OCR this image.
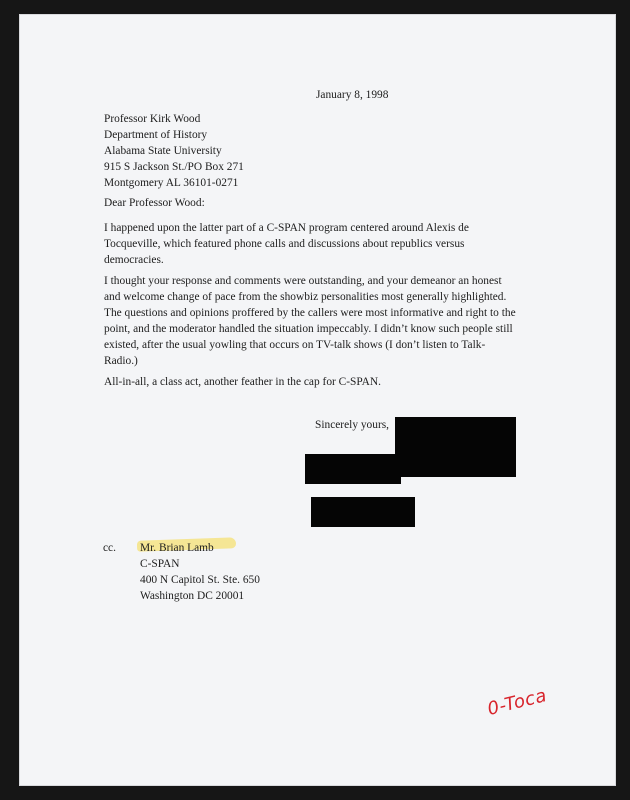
January 8, 1998
Professor Kirk Wood
Department of History
Alabama State University
915 S Jackson St./PO Box 271
Montgomery AL 36101-0271
Dear Professor Wood:
I happened upon the latter part of a C-SPAN program centered around Alexis de
Tocqueville, which featured phone calls and discussions about republics versus
democracies.
I thought your response and comments were outstanding, and your demeanor an honest
and welcome change of pace from the showbiz personalities most generally highlighted.
The questions and opinions proffered by the callers were most informative and right to the
point, and the moderator handled the situation impeccably. I didn’t know such people still
existed, after the usual yowling that occurs on TV-talk shows (I don’t listen to Talk-
Radio.)
All-in-all, a class act, another feather in the cap for C-SPAN.
Sincerely yours,
cc. Mr. Brian Lamb
C-SPAN
400 N Capitol St. Ste. 650
Washington DC 20001
0-Toca
